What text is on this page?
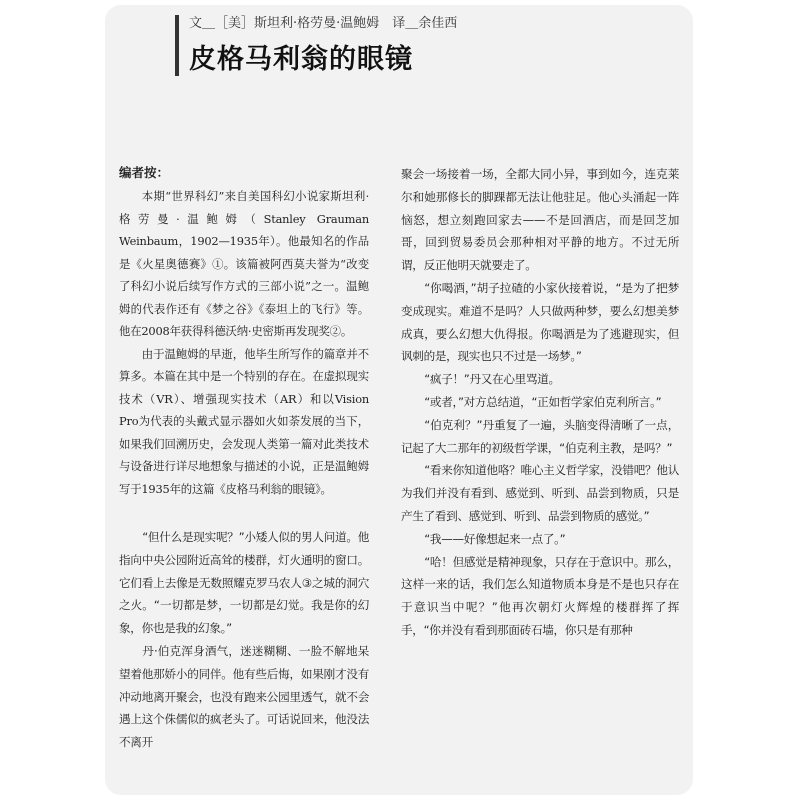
文＿［美］斯坦利·格劳曼·温鲍姆　译＿余佳西
皮格马利翁的眼镜
编者按：

本期“世界科幻”来自美国科幻小说家斯坦利·格劳曼·温鲍姆（Stanley Grauman Weinbaum，1902—1935年）。他最知名的作品是《火星奥德赛》①。该篇被阿西莫夫誉为“改变了科幻小说后续写作方式的三部小说”之一。温鲍姆的代表作还有《梦之谷》《泰坦上的飞行》等。他在2008年获得科德沃纳·史密斯再发现奖②。

由于温鲍姆的早逝，他毕生所写作的篇章并不算多。本篇在其中是一个特别的存在。在虚拟现实技术（VR）、增强现实技术（AR）和以Vision Pro为代表的头戴式显示器如火如荼发展的当下，如果我们回溯历史，会发现人类第一篇对此类技术与设备进行详尽地想象与描述的小说，正是温鲍姆写于1935年的这篇《皮格马利翁的眼镜》。

“但什么是现实呢？”小矮人似的男人问道。他指向中央公园附近高耸的楼群，灯火通明的窗口。它们看上去像是无数照耀克罗马农人③之城的洞穴之火。“一切都是梦，一切都是幻觉。我是你的幻象，你也是我的幻象。”

丹·伯克浑身酒气，迷迷糊糊、一脸不解地呆望着他那娇小的同伴。他有些后悔，如果刚才没有冲动地离开聚会，也没有跑来公园里透气，就不会遇上这个侏儒似的疯老头了。可话说回来，他没法不离开

聚会一场接着一场，全都大同小异，事到如今，连克莱尔和她那修长的脚踝都无法让他驻足。他心头涌起一阵恼怒，想立刻跑回家去——不是回酒店，而是回芝加哥，回到贸易委员会那种相对平静的地方。不过无所谓，反正他明天就要走了。

“你喝酒，”胡子拉碴的小家伙接着说，“是为了把梦变成现实。难道不是吗？人只做两种梦，要么幻想美梦成真，要么幻想大仇得报。你喝酒是为了逃避现实，但讽刺的是，现实也只不过是一场梦。”

“疯子！”丹又在心里骂道。

“或者，”对方总结道，“正如哲学家伯克利所言。”

“伯克利？”丹重复了一遍，头脑变得清晰了一点，记起了大二那年的初级哲学课，“伯克利主教，是吗？”

“看来你知道他咯？唯心主义哲学家，没错吧？他认为我们并没有看到、感觉到、听到、品尝到物质，只是产生了看到、感觉到、听到、品尝到物质的感觉。”

“我——好像想起来一点了。”

“哈！但感觉是精神现象，只存在于意识中。那么，这样一来的话，我们怎么知道物质本身是不是也只存在于意识当中呢？”他再次朝灯火辉煌的楼群挥了挥手，“你并没有看到那面砖石墙，你只是有那种
